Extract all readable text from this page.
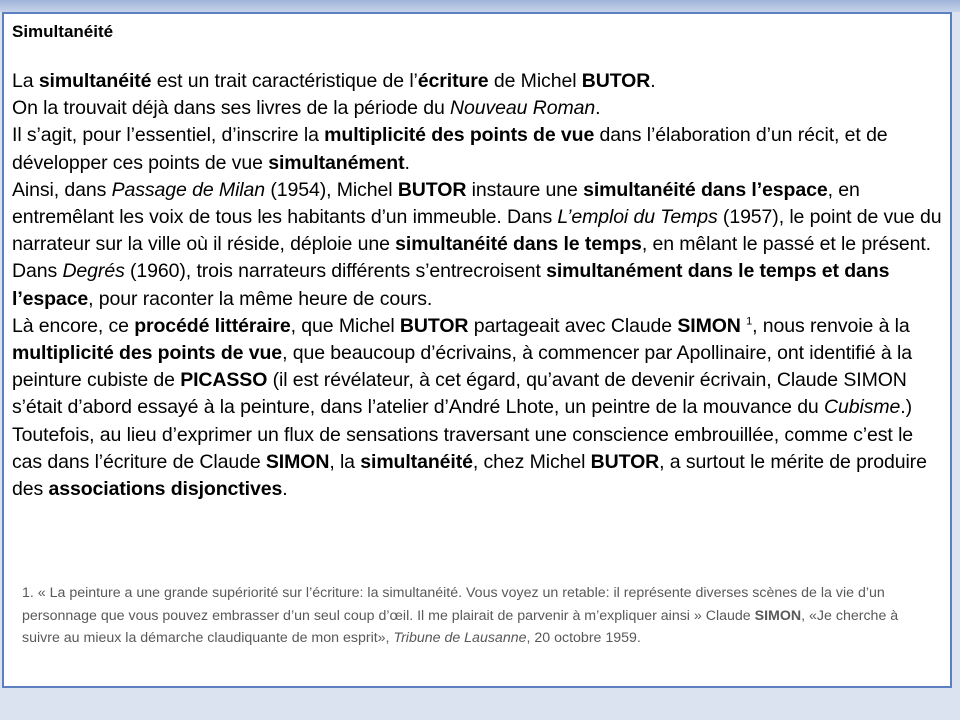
Simultanéité

La simultanéité est un trait caractéristique de l’écriture de Michel BUTOR.

On la trouvait déjà dans ses livres de la période du Nouveau Roman.

Il s’agit, pour l’essentiel, d’inscrire la multiplicité des points de vue dans l’élaboration d’un récit, et de développer ces points de vue simultanément.

Ainsi, dans Passage de Milan (1954), Michel BUTOR instaure une simultanéité dans l’espace, en entremêlant les voix de tous les habitants d’un immeuble. Dans L’emploi du Temps (1957), le point de vue du narrateur sur la ville où il réside, déploie une simultanéité dans le temps, en mêlant le passé et le présent. Dans Degrés (1960), trois narrateurs différents s’entrecroisent simultanément dans le temps et dans l’espace, pour raconter la même heure de cours.

Là encore, ce procédé littéraire, que Michel BUTOR partageait avec Claude SIMON $^1$, nous renvoie à la multiplicité des points de vue, que beaucoup d’écrivains, à commencer par Apollinaire, ont identifié à la peinture cubiste de PICASSO (il est révélateur, à cet égard, qu’avant de devenir écrivain, Claude SIMON s’était d’abord essayé à la peinture, dans l’atelier d’André Lhote, un peintre de la mouvance du Cubisme.)

Toutefois, au lieu d’exprimer un flux de sensations traversant une conscience embrouillée, comme c’est le cas dans l’écriture de Claude SIMON, la simultanéité, chez Michel BUTOR, a surtout le mérite de produire des associations disjonctives.

1. « La peinture a une grande supériorité sur l’écriture: la simultanéité. Vous voyez un retable: il représente diverses scènes de la vie d’un personnage que vous pouvez embrasser d’un seul coup d’œil. Il me plairait de parvenir à m’expliquer ainsi » Claude SIMON, «Je cherche à suivre au mieux la démarche claudiquante de mon esprit», Tribune de Lausanne, 20 octobre 1959.
